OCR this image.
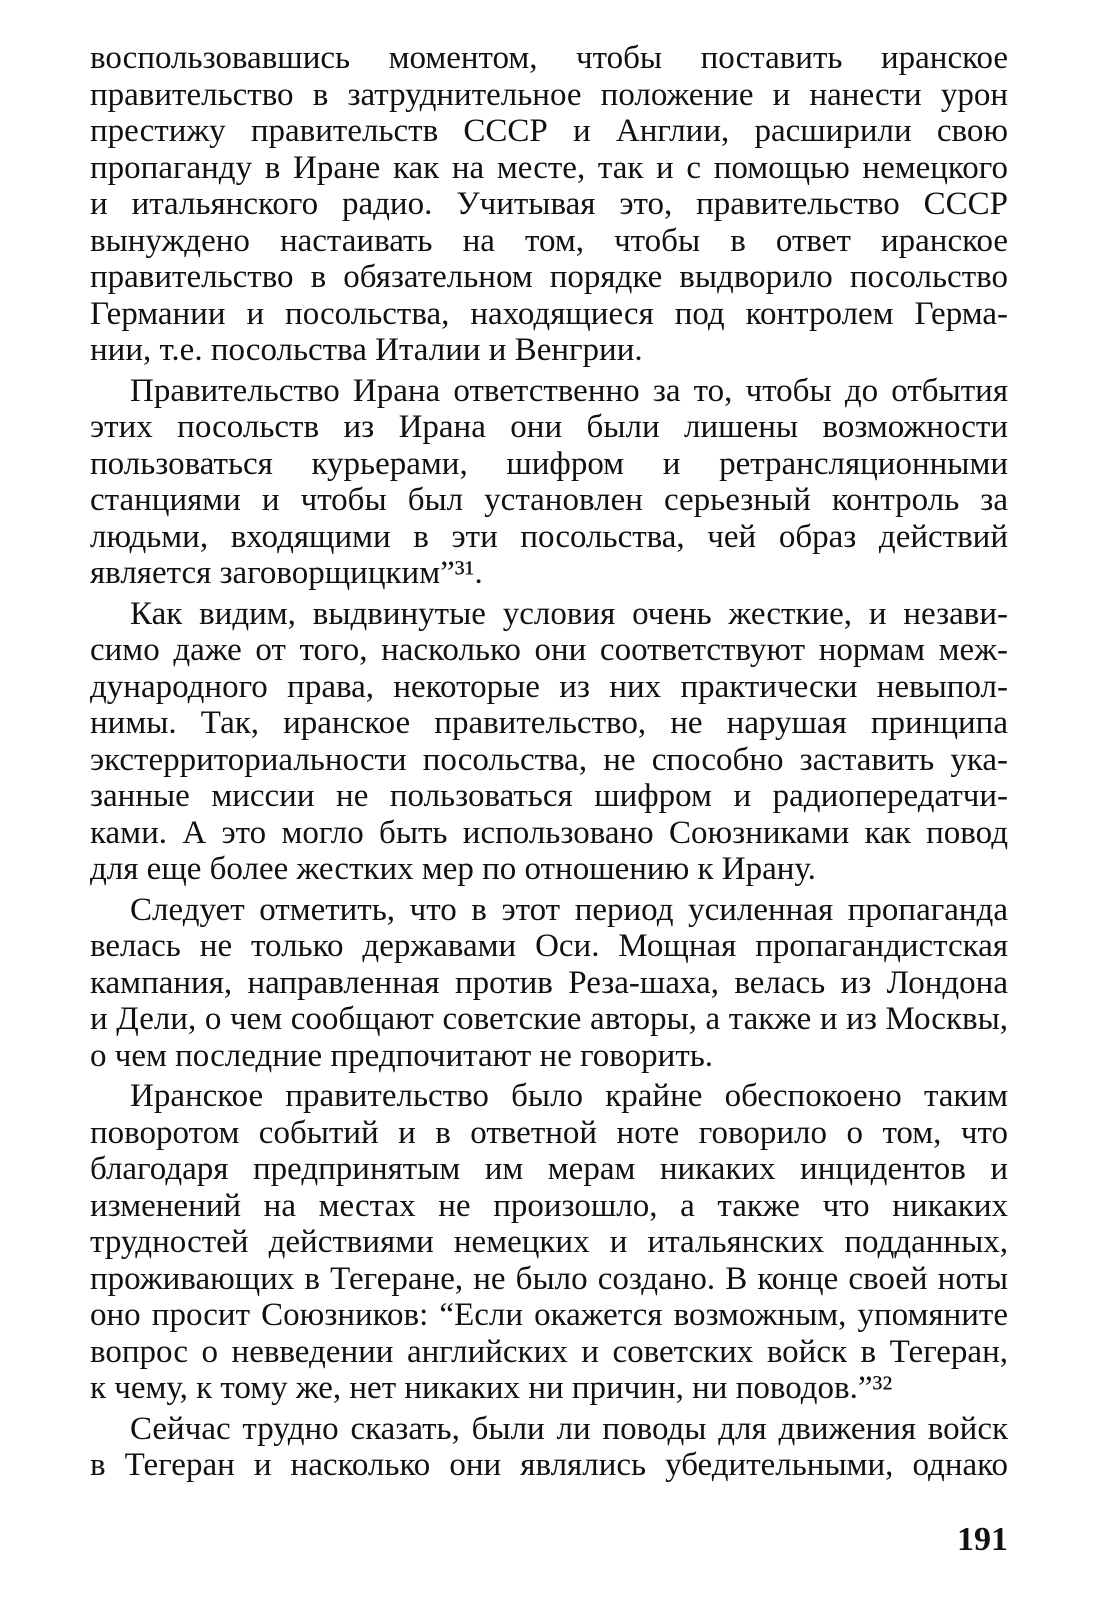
воспользовавшись моментом, чтобы поставить иранское
правительство в затруднительное положение и нанести урон
престижу правительств СССР и Англии, расширили свою
пропаганду в Иране как на месте, так и с помощью немецкого
и итальянского радио. Учитывая это, правительство СССР
вынуждено настаивать на том, чтобы в ответ иранское
правительство в обязательном порядке выдворило посольство
Германии и посольства, находящиеся под контролем Герма-
нии, т.е. посольства Италии и Венгрии.
Правительство Ирана ответственно за то, чтобы до отбытия
этих посольств из Ирана они были лишены возможности
пользоваться курьерами, шифром и ретрансляционными
станциями и чтобы был установлен серьезный контроль за
людьми, входящими в эти посольства, чей образ действий
является заговорщицким”³¹.
Как видим, выдвинутые условия очень жесткие, и незави-
симо даже от того, насколько они соответствуют нормам меж-
дународного права, некоторые из них практически невыпол-
нимы. Так, иранское правительство, не нарушая принципа
экстерриториальности посольства, не способно заставить ука-
занные миссии не пользоваться шифром и радиопередатчи-
ками. А это могло быть использовано Союзниками как повод
для еще более жестких мер по отношению к Ирану.
Следует отметить, что в этот период усиленная пропаганда
велась не только державами Оси. Мощная пропагандистская
кампания, направленная против Реза-шаха, велась из Лондона
и Дели, о чем сообщают советские авторы, а также и из Москвы,
о чем последние предпочитают не говорить.
Иранское правительство было крайне обеспокоено таким
поворотом событий и в ответной ноте говорило о том, что
благодаря предпринятым им мерам никаких инцидентов и
изменений на местах не произошло, а также что никаких
трудностей действиями немецких и итальянских подданных,
проживающих в Тегеране, не было создано. В конце своей ноты
оно просит Союзников: “Если окажется возможным, упомяните
вопрос о невведении английских и советских войск в Тегеран,
к чему, к тому же, нет никаких ни причин, ни поводов.”³²
Сейчас трудно сказать, были ли поводы для движения войск
в Тегеран и насколько они являлись убедительными, однако
191
